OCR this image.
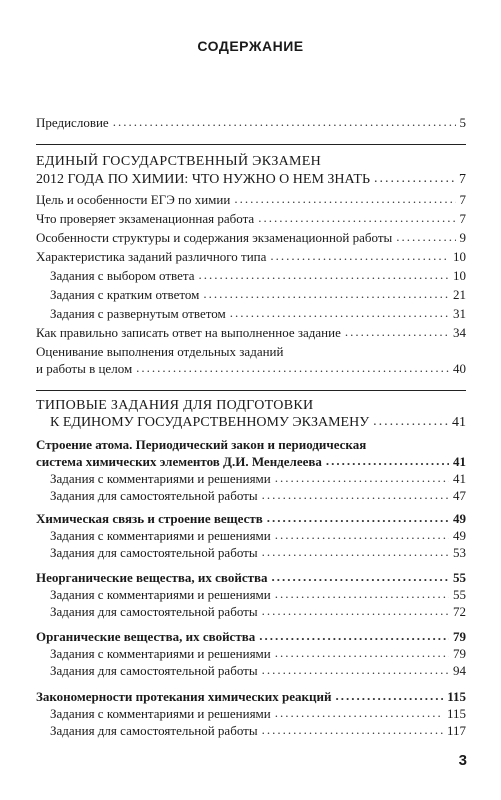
СОДЕРЖАНИЕ
Предисловие .....	5
ЕДИНЫЙ ГОСУДАРСТВЕННЫЙ ЭКЗАМЕН
2012 ГОДА ПО ХИМИИ: ЧТО НУЖНО О НЕМ ЗНАТЬ .....	7
Цель и особенности ЕГЭ по химии .....	7
Что проверяет экзаменационная работа .....	7
Особенности структуры и содержания экзаменационной работы .....	9
Характеристика заданий различного типа .....	10
Задания с выбором ответа .....	10
Задания с кратким ответом .....	21
Задания с развернутым ответом .....	31
Как правильно записать ответ на выполненное задание .....	34
Оценивание выполнения отдельных заданий
и работы в целом .....	40
ТИПОВЫЕ ЗАДАНИЯ ДЛЯ ПОДГОТОВКИ
К ЕДИНОМУ ГОСУДАРСТВЕННОМУ ЭКЗАМЕНУ .....	41
Строение атома. Периодический закон и периодическая
система химических элементов Д.И. Менделеева .....	41
Задания с комментариями и решениями .....	41
Задания для самостоятельной работы .....	47
Химическая связь и строение веществ .....	49
Задания с комментариями и решениями .....	49
Задания для самостоятельной работы .....	53
Неорганические вещества, их свойства .....	55
Задания с комментариями и решениями .....	55
Задания для самостоятельной работы .....	72
Органические вещества, их свойства .....	79
Задания с комментариями и решениями .....	79
Задания для самостоятельной работы .....	94
Закономерности протекания химических реакций .....	115
Задания с комментариями и решениями .....	115
Задания для самостоятельной работы .....	117
3
